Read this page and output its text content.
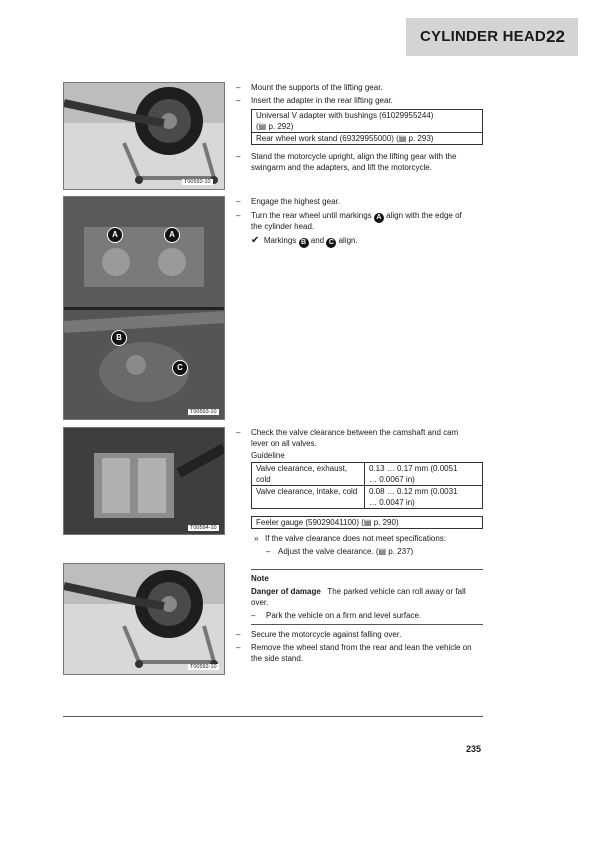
CYLINDER HEAD 22
T00592-10
A	A
B
C
T00593-10
T00594-10
T00592-10
– Mount the supports of the lifting gear.
– Insert the adapter in the rear lifting gear.
Universal V adapter with bushings (61029955244)
(▤ p. 292)
Rear wheel work stand (69329955000) (▤ p. 293)
– Stand the motorcycle upright, align the lifting gear with the
swingarm and the adapters, and lift the motorcycle.
– Engage the highest gear.
– Turn the rear wheel until markings A align with the edge of
the cylinder head.
✔ Markings B and C align.
– Check the valve clearance between the camshaft and cam
lever on all valves.
Guideline
Valve clearance, exhaust,
cold	0.13 … 0.17 mm (0.0051
… 0.0067 in)
Valve clearance, intake, cold	0.08 … 0.12 mm (0.0031
… 0.0047 in)
Feeler gauge (59029041100) (▤ p. 290)
» If the valve clearance does not meet specifications:
– Adjust the valve clearance. (▤ p. 237)
Note
Danger of damage The parked vehicle can roll away or fall
over.
– Park the vehicle on a firm and level surface.
– Secure the motorcycle against falling over.
– Remove the wheel stand from the rear and lean the vehicle on
the side stand.
235
